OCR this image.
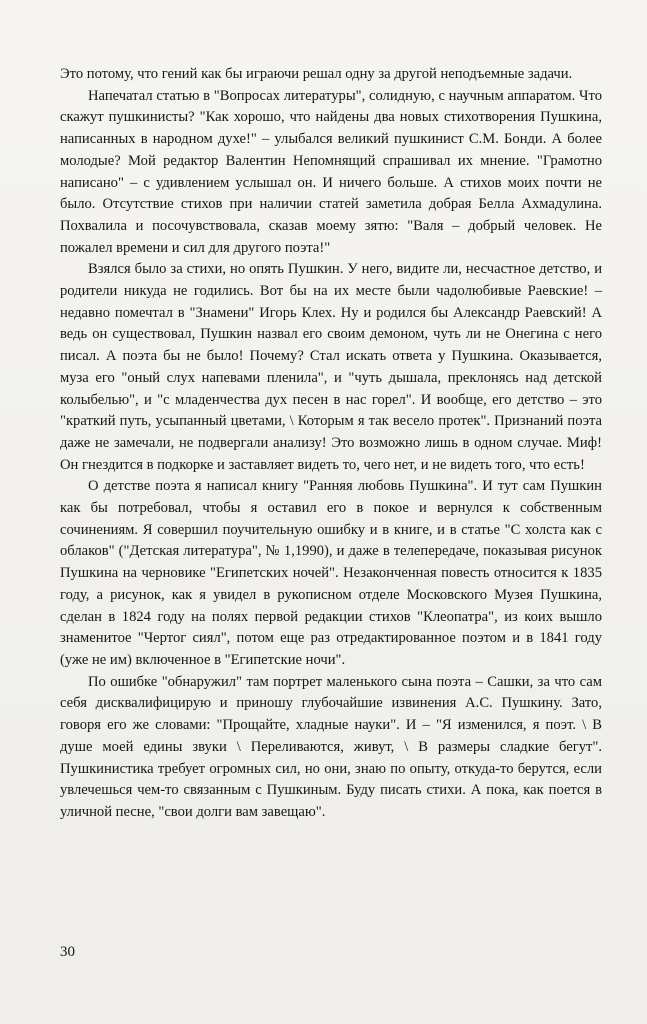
Это потому, что гений как бы играючи решал одну за другой неподъемные задачи.

Напечатал статью в "Вопросах литературы", солидную, с научным аппаратом. Что скажут пушкинисты? "Как хорошо, что найдены два новых стихотворения Пушкина, написанных в народном духе!" – улыбался великий пушкинист С.М. Бонди. А более молодые? Мой редактор Валентин Непомнящий спрашивал их мнение. "Грамотно написано" – с удивлением услышал он. И ничего больше. А стихов моих почти не было. Отсутствие стихов при наличии статей заметила добрая Белла Ахмадулина. Похвалила и посочувствовала, сказав моему зятю: "Валя – добрый человек. Не пожалел времени и сил для другого поэта!"

Взялся было за стихи, но опять Пушкин. У него, видите ли, несчастное детство, и родители никуда не годились. Вот бы на их месте были чадолюбивые Раевские! – недавно помечтал в "Знамени" Игорь Клех. Ну и родился бы Александр Раевский! А ведь он существовал, Пушкин назвал его своим демоном, чуть ли не Онегина с него писал. А поэта бы не было! Почему? Стал искать ответа у Пушкина. Оказывается, муза его "оный слух напевами пленила", и "чуть дышала, преклонясь над детской колыбелью", и "с младенчества дух песен в нас горел". И вообще, его детство – это "краткий путь, усыпанный цветами, \ Которым я так весело протек". Признаний поэта даже не замечали, не подвергали анализу! Это возможно лишь в одном случае. Миф! Он гнездится в подкорке и заставляет видеть то, чего нет, и не видеть того, что есть!

О детстве поэта я написал книгу "Ранняя любовь Пушкина". И тут сам Пушкин как бы потребовал, чтобы я оставил его в покое и вернулся к собственным сочинениям. Я совершил поучительную ошибку и в книге, и в статье "С холста как с облаков" ("Детская литература", № 1,1990), и даже в телепередаче, показывая рисунок Пушкина на черновике "Египетских ночей". Незаконченная повесть относится к 1835 году, а рисунок, как я увидел в рукописном отделе Московского Музея Пушкина, сделан в 1824 году на полях первой редакции стихов "Клеопатра", из коих вышло знаменитое "Чертог сиял", потом еще раз отредактированное поэтом и в 1841 году (уже не им) включенное в "Египетские ночи".

По ошибке "обнаружил" там портрет маленького сына поэта – Сашки, за что сам себя дисквалифицирую и приношу глубочайшие извинения А.С. Пушкину. Зато, говоря его же словами: "Прощайте, хладные науки". И – "Я изменился, я поэт. \ В душе моей едины звуки \ Переливаются, живут, \ В размеры сладкие бегут". Пушкинистика требует огромных сил, но они, знаю по опыту, откуда-то берутся, если увлечешься чем-то связанным с Пушкиным. Буду писать стихи. А пока, как поется в уличной песне, "свои долги вам завещаю".

30
